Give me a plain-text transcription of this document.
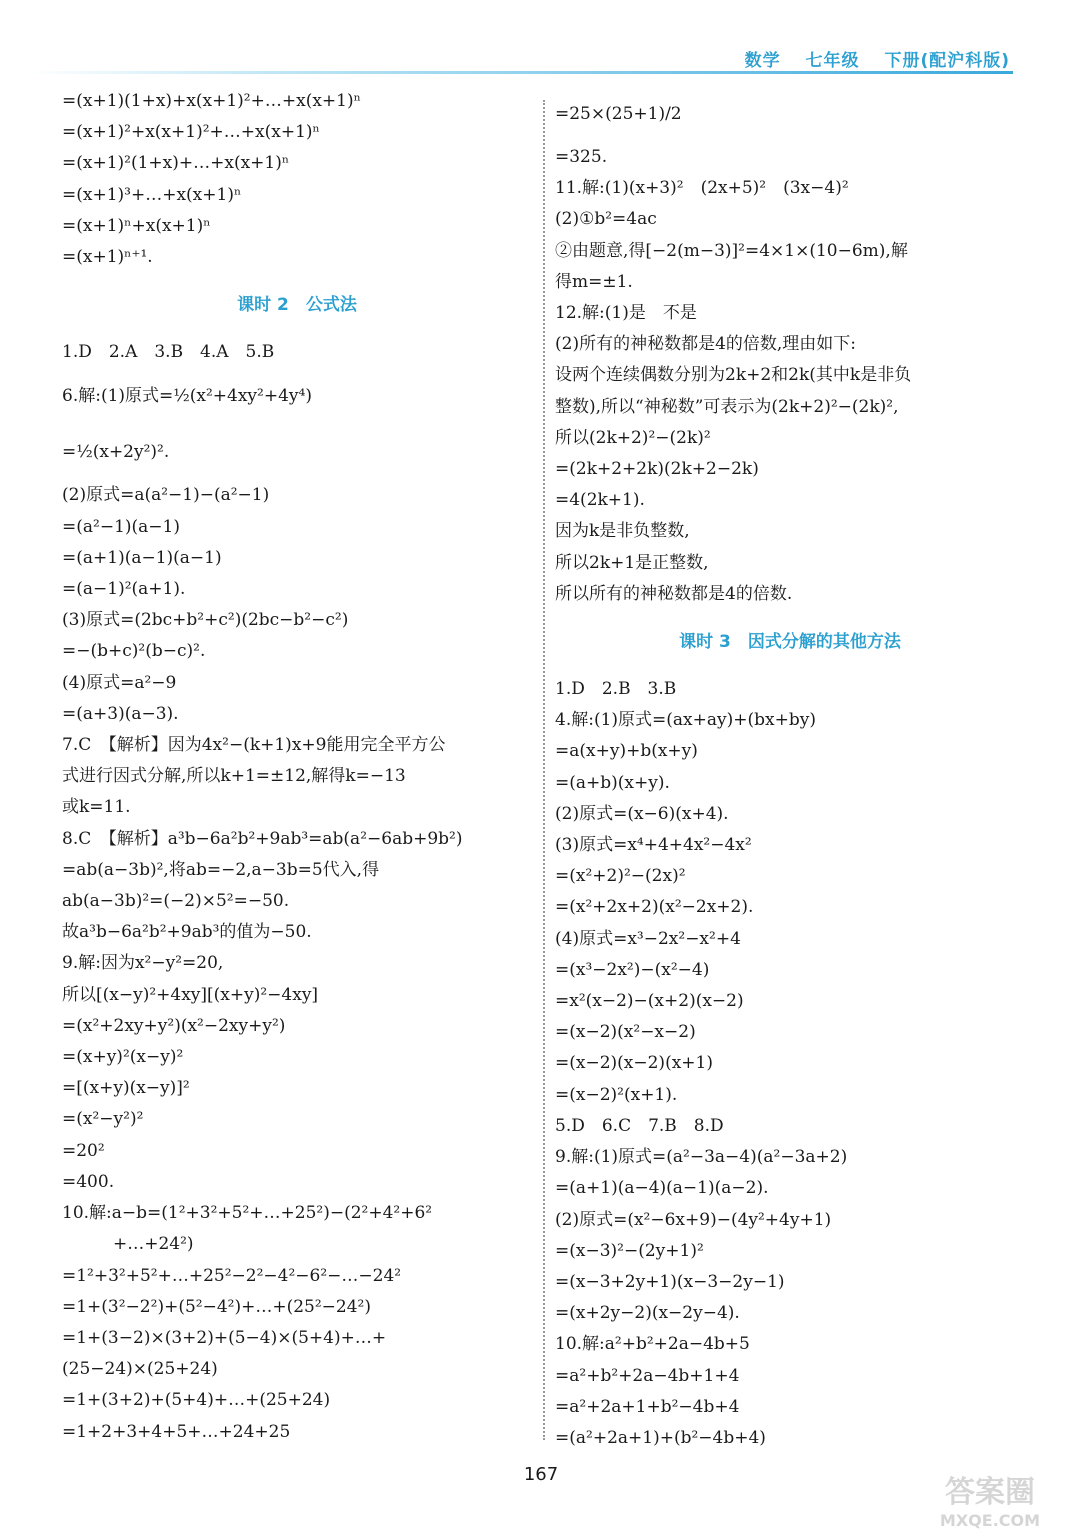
数学 七年级 下册(配沪科版)
=(x+1)(1+x)+x(x+1)²+…+x(x+1)ⁿ
=(x+1)²+x(x+1)²+…+x(x+1)ⁿ
=(x+1)²(1+x)+…+x(x+1)ⁿ
=(x+1)³+…+x(x+1)ⁿ
=(x+1)ⁿ+x(x+1)ⁿ
=(x+1)ⁿ⁺¹.
课时 2　公式法
1.D　2.A　3.B　4.A　5.B
6.解:(1)原式=½(x²+4xy²+4y⁴)
=½(x+2y²)².
(2)原式=a(a²−1)−(a²−1)
=(a²−1)(a−1)
=(a+1)(a−1)(a−1)
=(a−1)²(a+1).
(3)原式=(2bc+b²+c²)(2bc−b²−c²)
=−(b+c)²(b−c)².
(4)原式=a²−9
=(a+3)(a−3).
7.C　【解析】因为4x²−(k+1)x+9能用完全平方公
式进行因式分解,所以k+1=±12,解得k=−13
或k=11.
8.C　【解析】a³b−6a²b²+9ab³=ab(a²−6ab+9b²)
=ab(a−3b)²,将ab=−2,a−3b=5代入,得
ab(a−3b)²=(−2)×5²=−50.
故a³b−6a²b²+9ab³的值为−50.
9.解:因为x²−y²=20,
所以[(x−y)²+4xy][(x+y)²−4xy]
=(x²+2xy+y²)(x²−2xy+y²)
=(x+y)²(x−y)²
=[(x+y)(x−y)]²
=(x²−y²)²
=20²
=400.
10.解:a−b=(1²+3²+5²+…+25²)−(2²+4²+6²
　　　+…+24²)
=1²+3²+5²+…+25²−2²−4²−6²−…−24²
=1+(3²−2²)+(5²−4²)+…+(25²−24²)
=1+(3−2)×(3+2)+(5−4)×(5+4)+…+
(25−24)×(25+24)
=1+(3+2)+(5+4)+…+(25+24)
=1+2+3+4+5+…+24+25
=25×(25+1)/2
=325.
11.解:(1)(x+3)²　(2x+5)²　(3x−4)²
(2)①b²=4ac
②由题意,得[−2(m−3)]²=4×1×(10−6m),解
得m=±1.
12.解:(1)是　不是
(2)所有的神秘数都是4的倍数,理由如下:
设两个连续偶数分别为2k+2和2k(其中k是非负
整数),所以“神秘数”可表示为(2k+2)²−(2k)²,
所以(2k+2)²−(2k)²
=(2k+2+2k)(2k+2−2k)
=4(2k+1).
因为k是非负整数,
所以2k+1是正整数,
所以所有的神秘数都是4的倍数.
课时 3　因式分解的其他方法
1.D　2.B　3.B
4.解:(1)原式=(ax+ay)+(bx+by)
=a(x+y)+b(x+y)
=(a+b)(x+y).
(2)原式=(x−6)(x+4).
(3)原式=x⁴+4+4x²−4x²
=(x²+2)²−(2x)²
=(x²+2x+2)(x²−2x+2).
(4)原式=x³−2x²−x²+4
=(x³−2x²)−(x²−4)
=x²(x−2)−(x+2)(x−2)
=(x−2)(x²−x−2)
=(x−2)(x−2)(x+1)
=(x−2)²(x+1).
5.D　6.C　7.B　8.D
9.解:(1)原式=(a²−3a−4)(a²−3a+2)
=(a+1)(a−4)(a−1)(a−2).
(2)原式=(x²−6x+9)−(4y²+4y+1)
=(x−3)²−(2y+1)²
=(x−3+2y+1)(x−3−2y−1)
=(x+2y−2)(x−2y−4).
10.解:a²+b²+2a−4b+5
=a²+b²+2a−4b+1+4
=a²+2a+1+b²−4b+4
=(a²+2a+1)+(b²−4b+4)
167
答案圈
MXQE.COM
